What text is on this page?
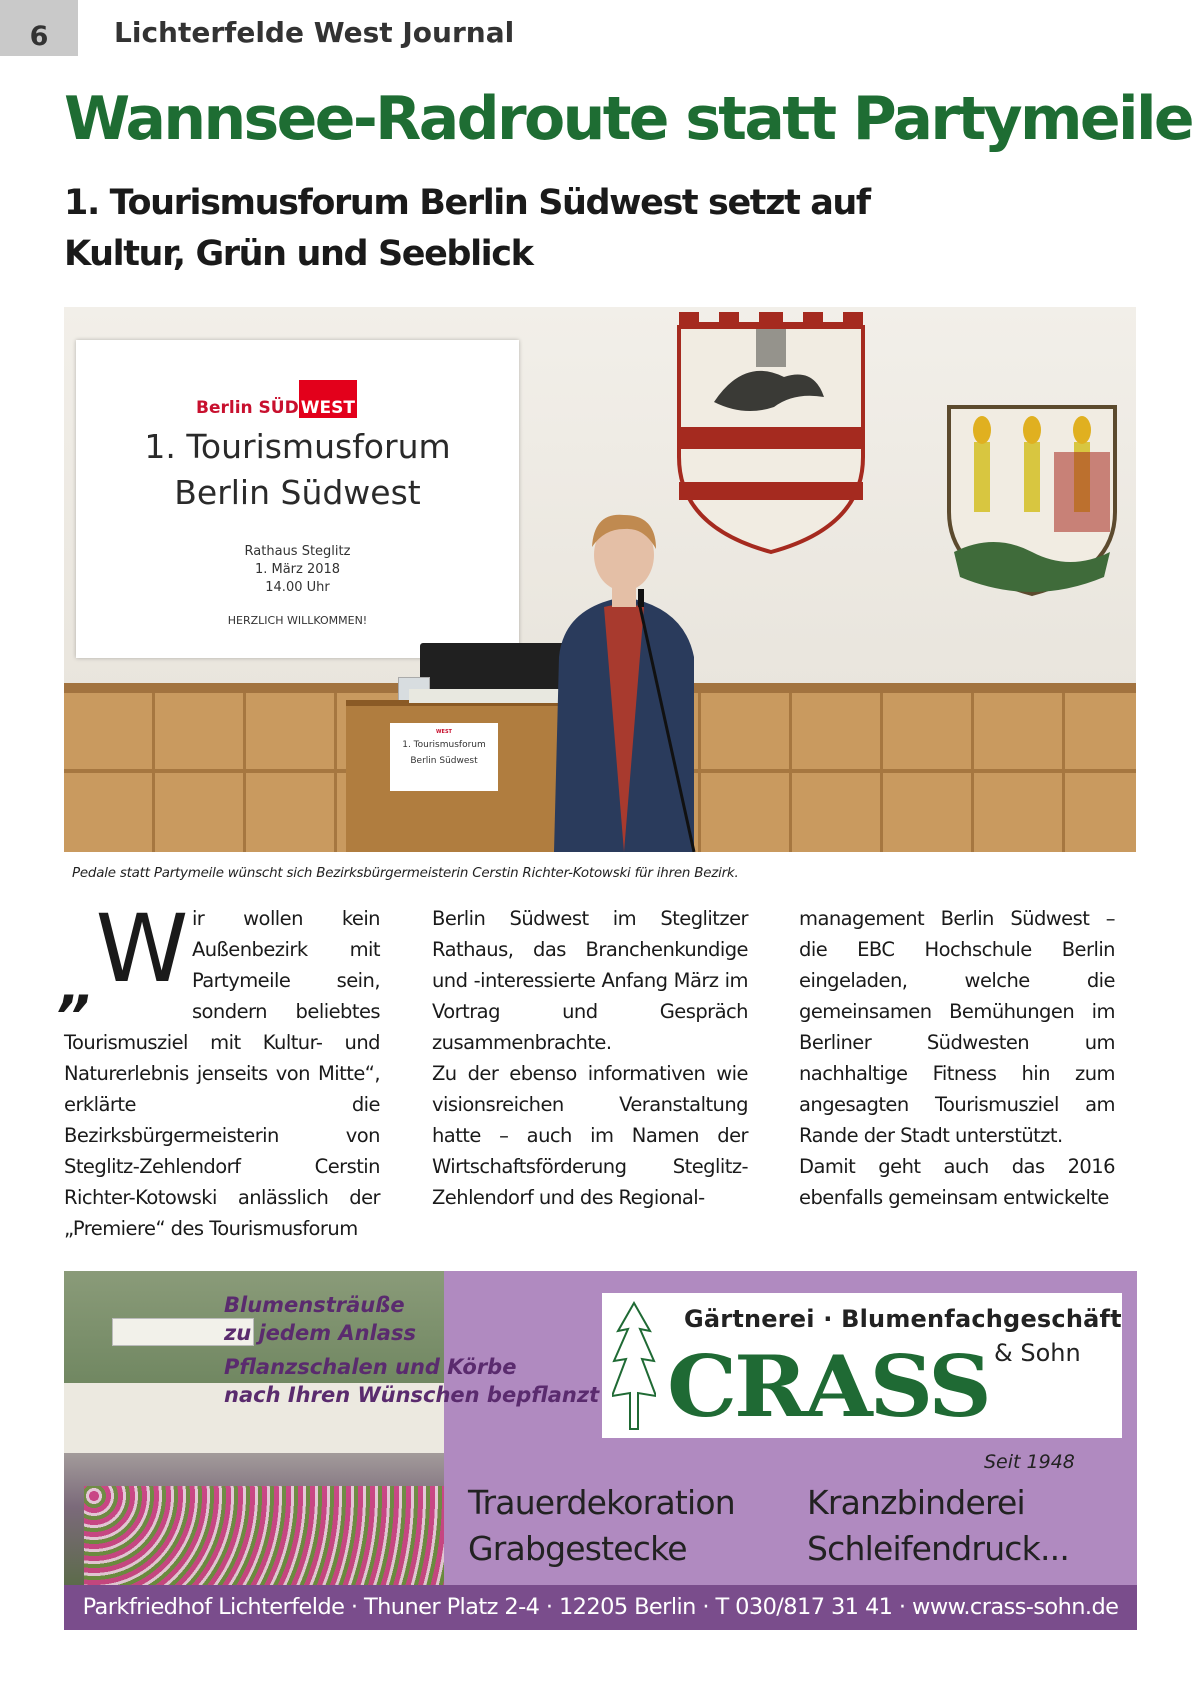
6	Lichterfelde West Journal
Wannsee-Radroute statt Partymeile
1. Tourismusforum Berlin Südwest setzt auf Kultur, Grün und Seeblick
Berlin SÜD WEST
1. Tourismusforum
Berlin Südwest
Rathaus Steglitz
1. März 2018
14.00 Uhr
HERZLICH WILLKOMMEN!
WEST
1. Tourismusforum
Berlin Südwest
Pedale statt Partymeile wünscht sich Bezirksbürgermeisterin Cerstin Richter-Kotowski für ihren Bezirk.

$_„$W ir wollen kein Außenbezirk mit Partymeile sein, sondern beliebtes Tourismusziel mit Kultur- und Naturerlebnis jenseits von Mitte“, erklärte die Bezirksbürgermeisterin von Steglitz-Zehlendorf Cerstin Richter-Kotowski anlässlich der „Premiere“ des Tourismusforum

Berlin Südwest im Steglitzer Rathaus, das Branchenkundige und -interessierte Anfang März im Vortrag und Gespräch zusammenbrachte.

Zu der ebenso informativen wie visionsreichen Veranstaltung hatte – auch im Namen der Wirtschaftsförderung Steglitz-Zehlendorf und des Regional-

management Berlin Südwest – die EBC Hochschule Berlin eingeladen, welche die gemeinsamen Bemühungen im Berliner Südwesten um nachhaltige Fitness hin zum angesagten Tourismusziel am Rande der Stadt unterstützt.

Damit geht auch das 2016 ebenfalls gemeinsam entwickelte

Blumensträuße
zu jedem Anlass
Pflanzschalen und Körbe
nach Ihren Wünschen bepflanzt
Gärtnerei · Blumenfachgeschäft
CRASS & Sohn
Seit 1948
Trauerdekoration
Grabgestecke
Kranzbinderei
Schleifendruck...
Parkfriedhof Lichterfelde · Thuner Platz 2-4 · 12205 Berlin · T 030/817 31 41 · www.crass-sohn.de
